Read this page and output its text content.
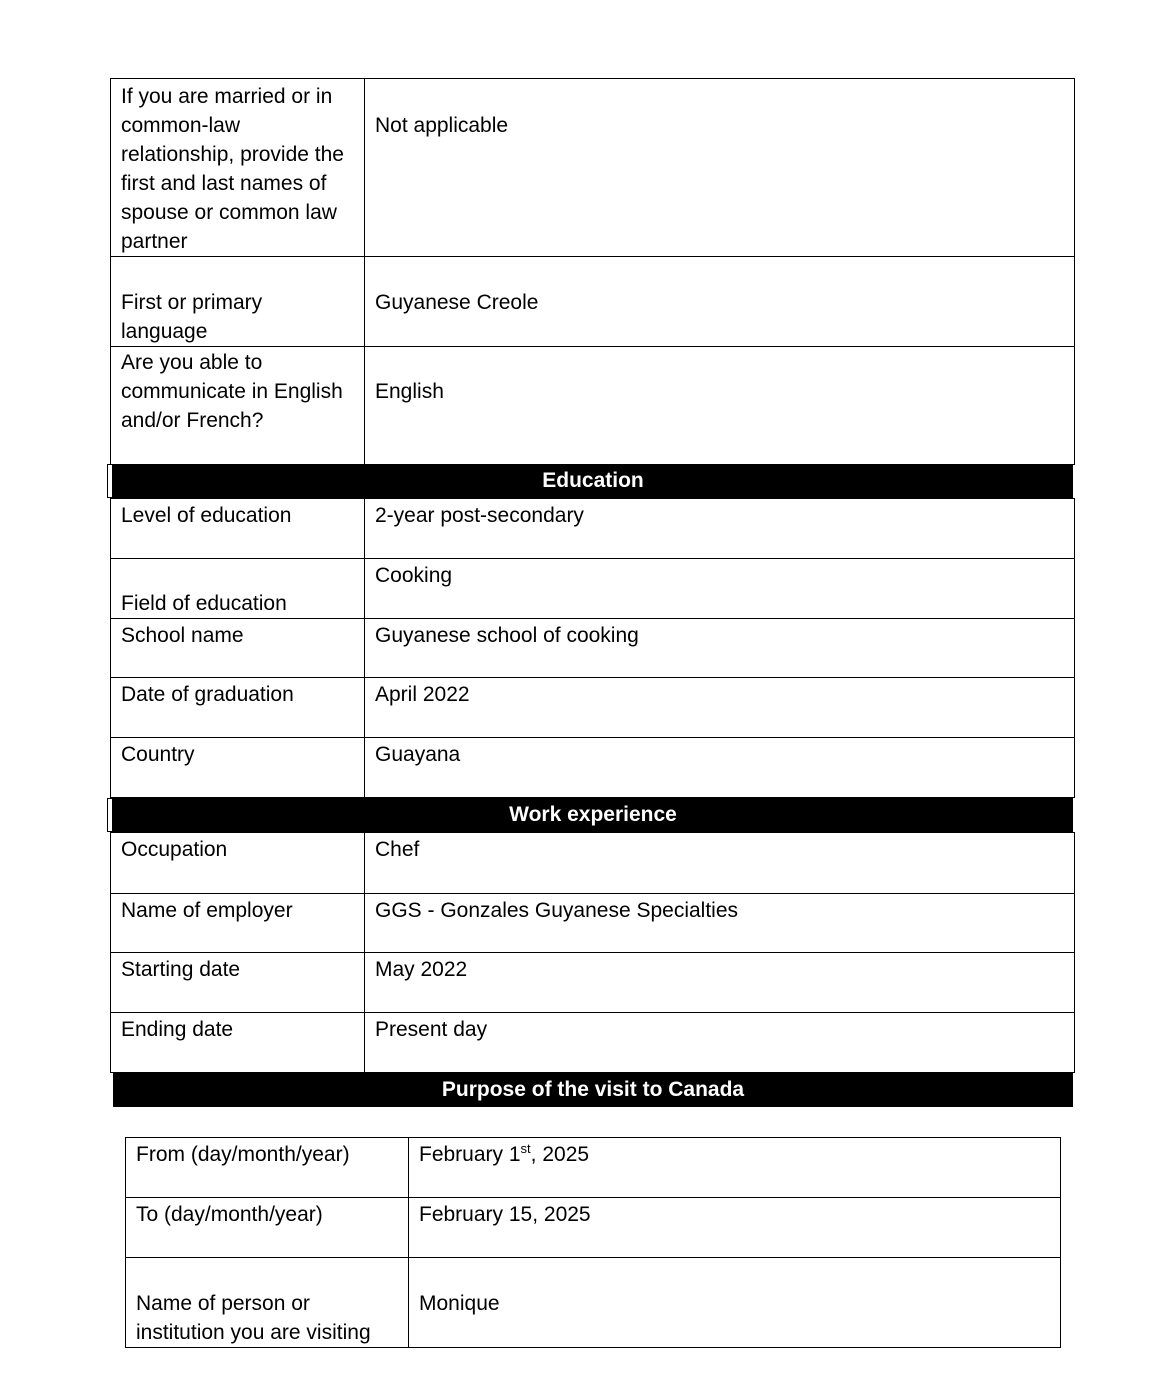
If you are married or in common-law relationship, provide the first and last names of spouse or common law partner	Not applicable
First or primary language	Guyanese Creole
Are you able to communicate in English and/or French?	English
Education
Level of education	2-year post-secondary
Field of education	Cooking
School name	Guyanese school of cooking
Date of graduation	April 2022
Country	Guayana
Work experience
Occupation	Chef
Name of employer	GGS - Gonzales Guyanese Specialties
Starting date	May 2022
Ending date	Present day
Purpose of the visit to Canada
From (day/month/year)	February 1st, 2025
To (day/month/year)	February 15, 2025
Name of person or institution you are visiting	Monique
